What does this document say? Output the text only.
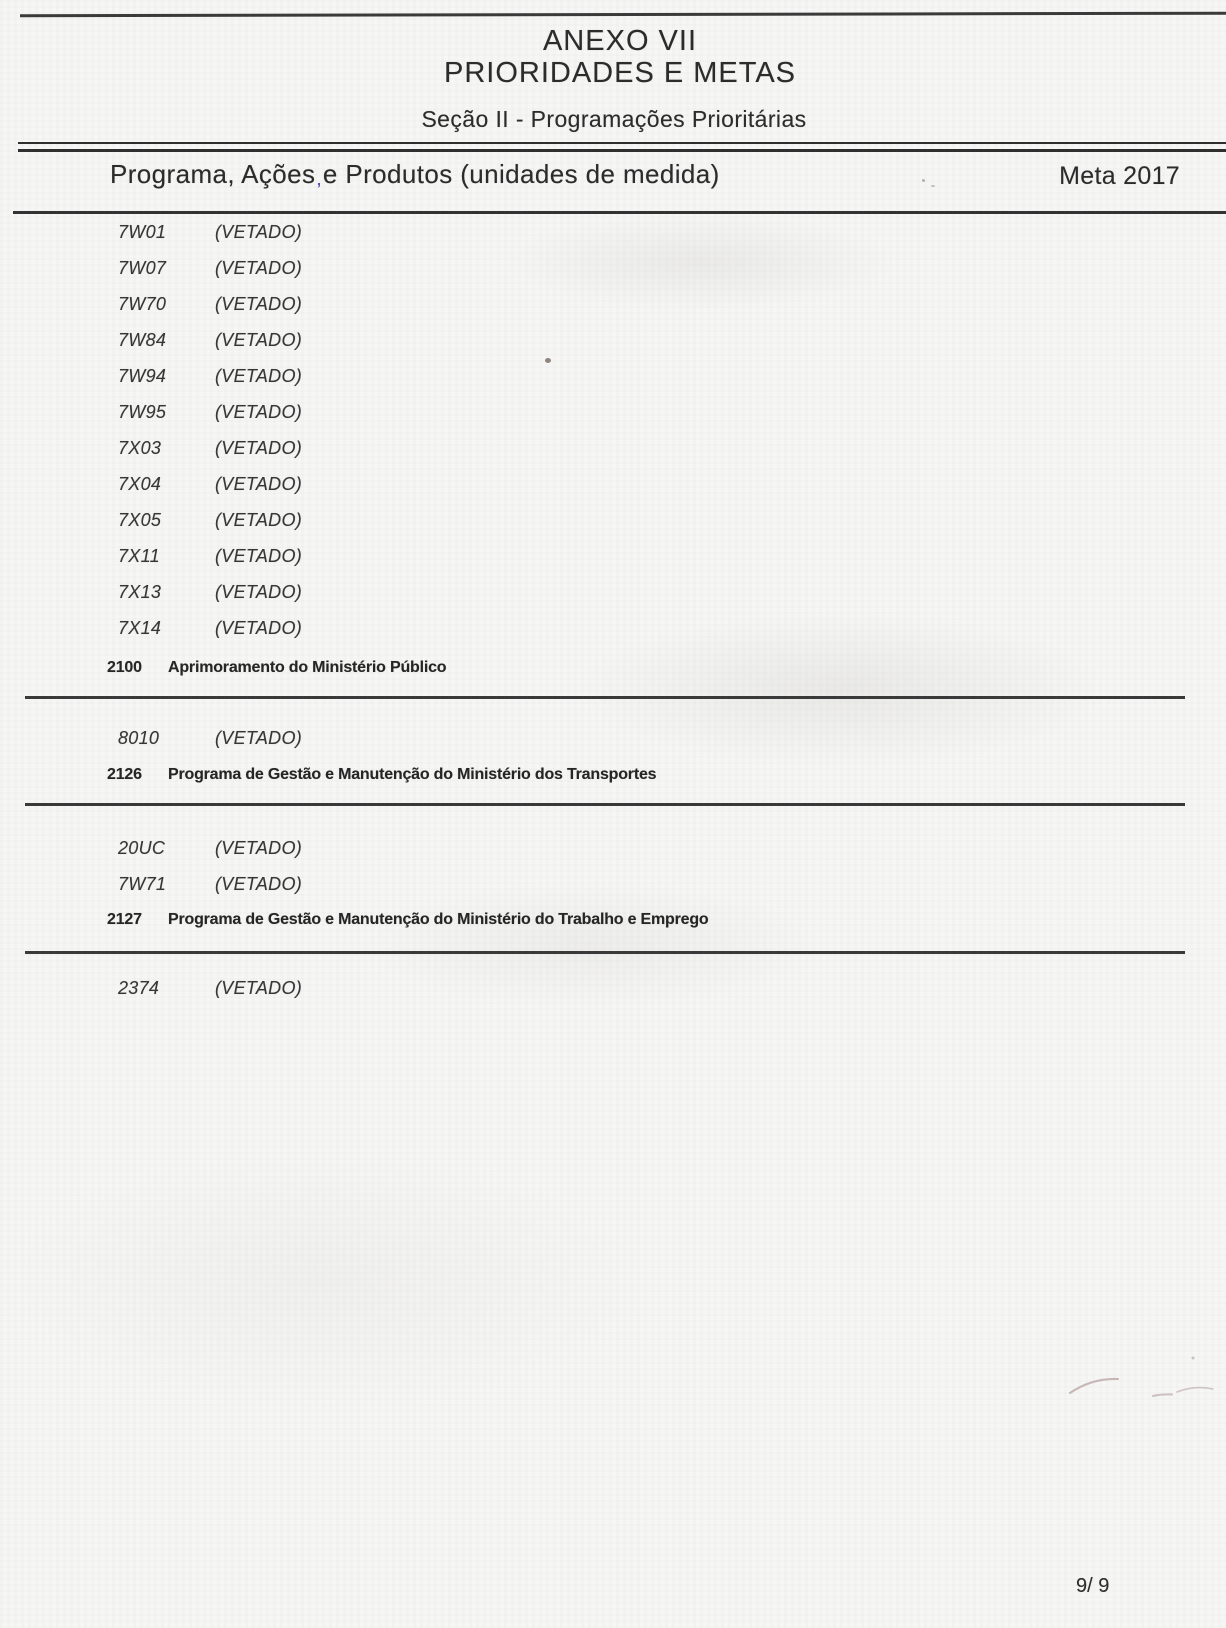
ANEXO VII
PRIORIDADES E METAS
Seção II - Programações Prioritárias
Programa, Ações,e Produtos (unidades de medida)	Meta 2017
7W01	(VETADO)
7W07	(VETADO)
7W70	(VETADO)
7W84	(VETADO)
7W94	(VETADO)
7W95	(VETADO)
7X03	(VETADO)
7X04	(VETADO)
7X05	(VETADO)
7X11	(VETADO)
7X13	(VETADO)
7X14	(VETADO)
2100	Aprimoramento do Ministério Público
8010	(VETADO)
2126	Programa de Gestão e Manutenção do Ministério dos Transportes
20UC	(VETADO)
7W71	(VETADO)
2127	Programa de Gestão e Manutenção do Ministério do Trabalho e Emprego
2374	(VETADO)
9/ 9
